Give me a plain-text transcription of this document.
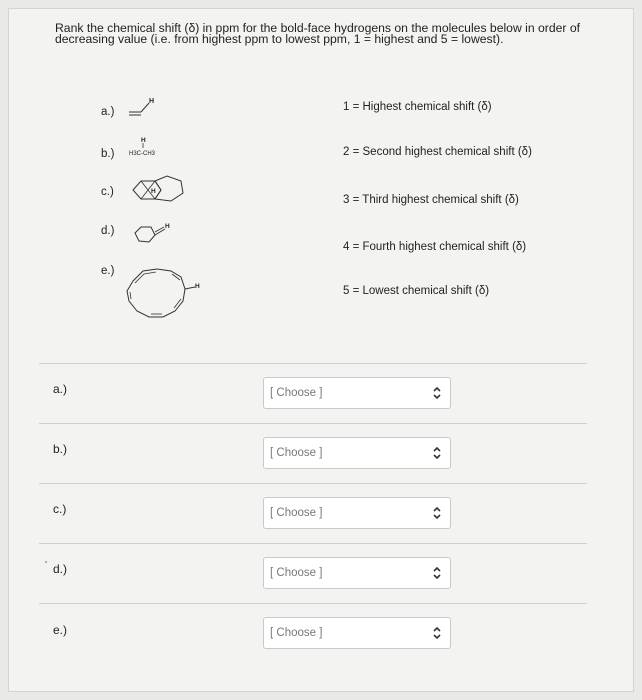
Rank the chemical shift (δ) in ppm for the bold-face hydrogens on the molecules below in order of decreasing value (i.e. from highest ppm to lowest ppm, 1 = highest and 5 = lowest).
a.)
b.)
c.)
d.)
e.)
H
H
H3C-CH3
H
H
H
1 = Highest chemical shift (δ)
2 = Second highest chemical shift (δ)
3 = Third highest chemical shift (δ)
4 = Fourth highest chemical shift (δ)
5 = Lowest chemical shift (δ)
a.)	[ Choose ]
b.)	[ Choose ]
c.)	[ Choose ]
' d.)	[ Choose ]
e.)	[ Choose ]
